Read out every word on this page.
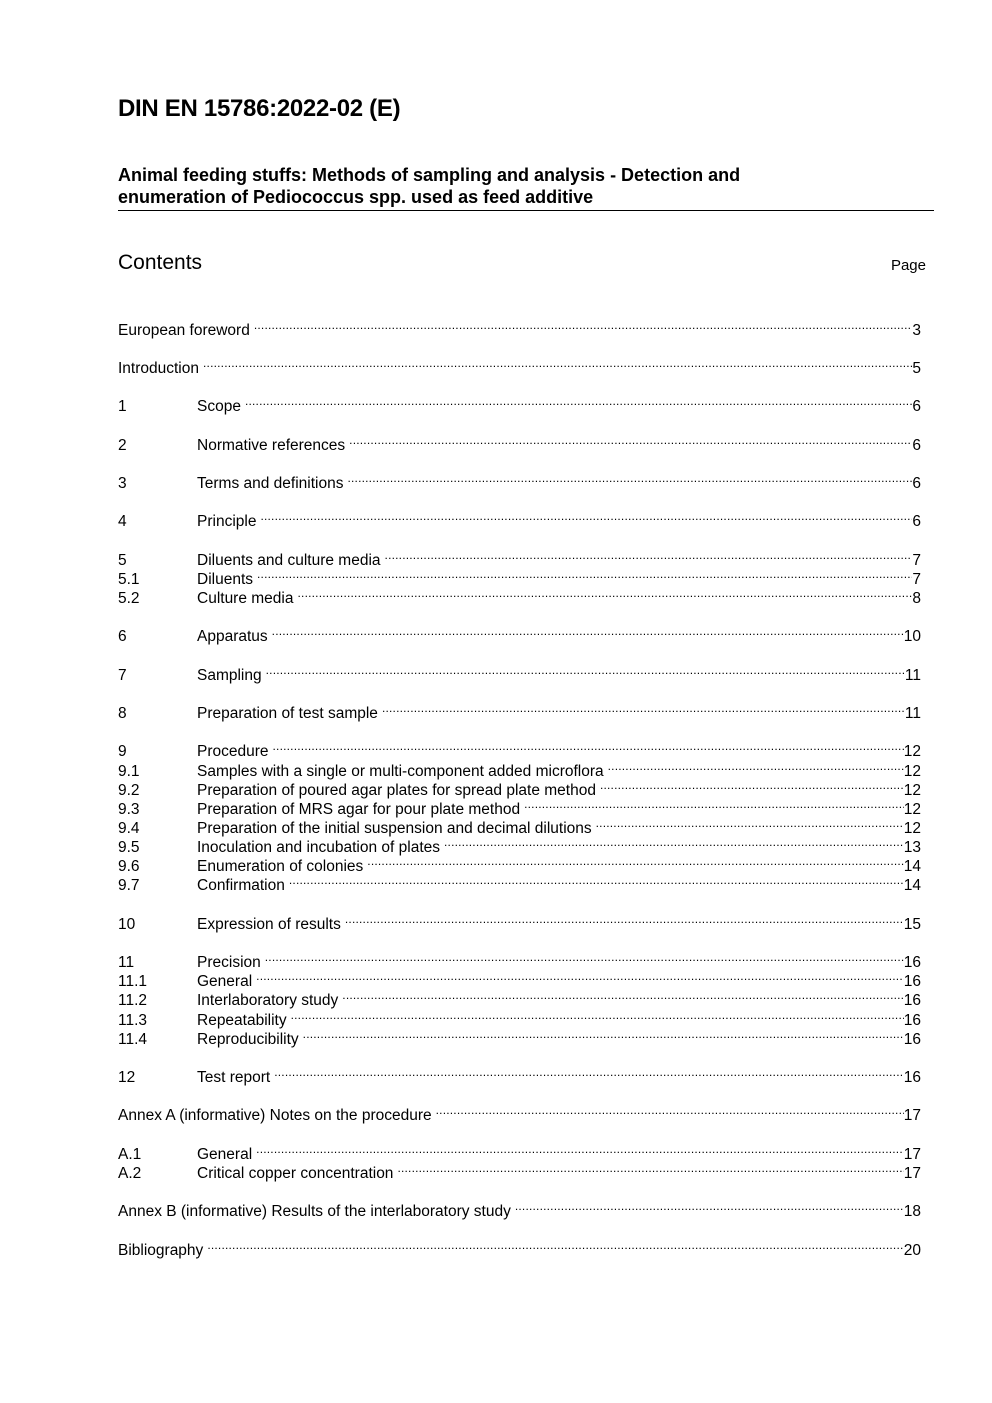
DIN EN 15786:2022-02 (E)
Animal feeding stuffs: Methods of sampling and analysis - Detection and
enumeration of Pediococcus spp. used as feed additive
Contents	Page
European foreword .....	3
Introduction .....	5
1	Scope .....	6
2	Normative references .....	6
3	Terms and definitions .....	6
4	Principle .....	6
5	Diluents and culture media .....	7
5.1	Diluents .....	7
5.2	Culture media .....	8
6	Apparatus .....	10
7	Sampling .....	11
8	Preparation of test sample .....	11
9	Procedure .....	12
9.1	Samples with a single or multi-component added microflora .....	12
9.2	Preparation of poured agar plates for spread plate method .....	12
9.3	Preparation of MRS agar for pour plate method .....	12
9.4	Preparation of the initial suspension and decimal dilutions .....	12
9.5	Inoculation and incubation of plates .....	13
9.6	Enumeration of colonies .....	14
9.7	Confirmation .....	14
10	Expression of results .....	15
11	Precision .....	16
11.1	General .....	16
11.2	Interlaboratory study .....	16
11.3	Repeatability .....	16
11.4	Reproducibility .....	16
12	Test report .....	16
Annex A (informative) Notes on the procedure .....	17
A.1	General .....	17
A.2	Critical copper concentration .....	17
Annex B (informative) Results of the interlaboratory study .....	18
Bibliography .....	20
